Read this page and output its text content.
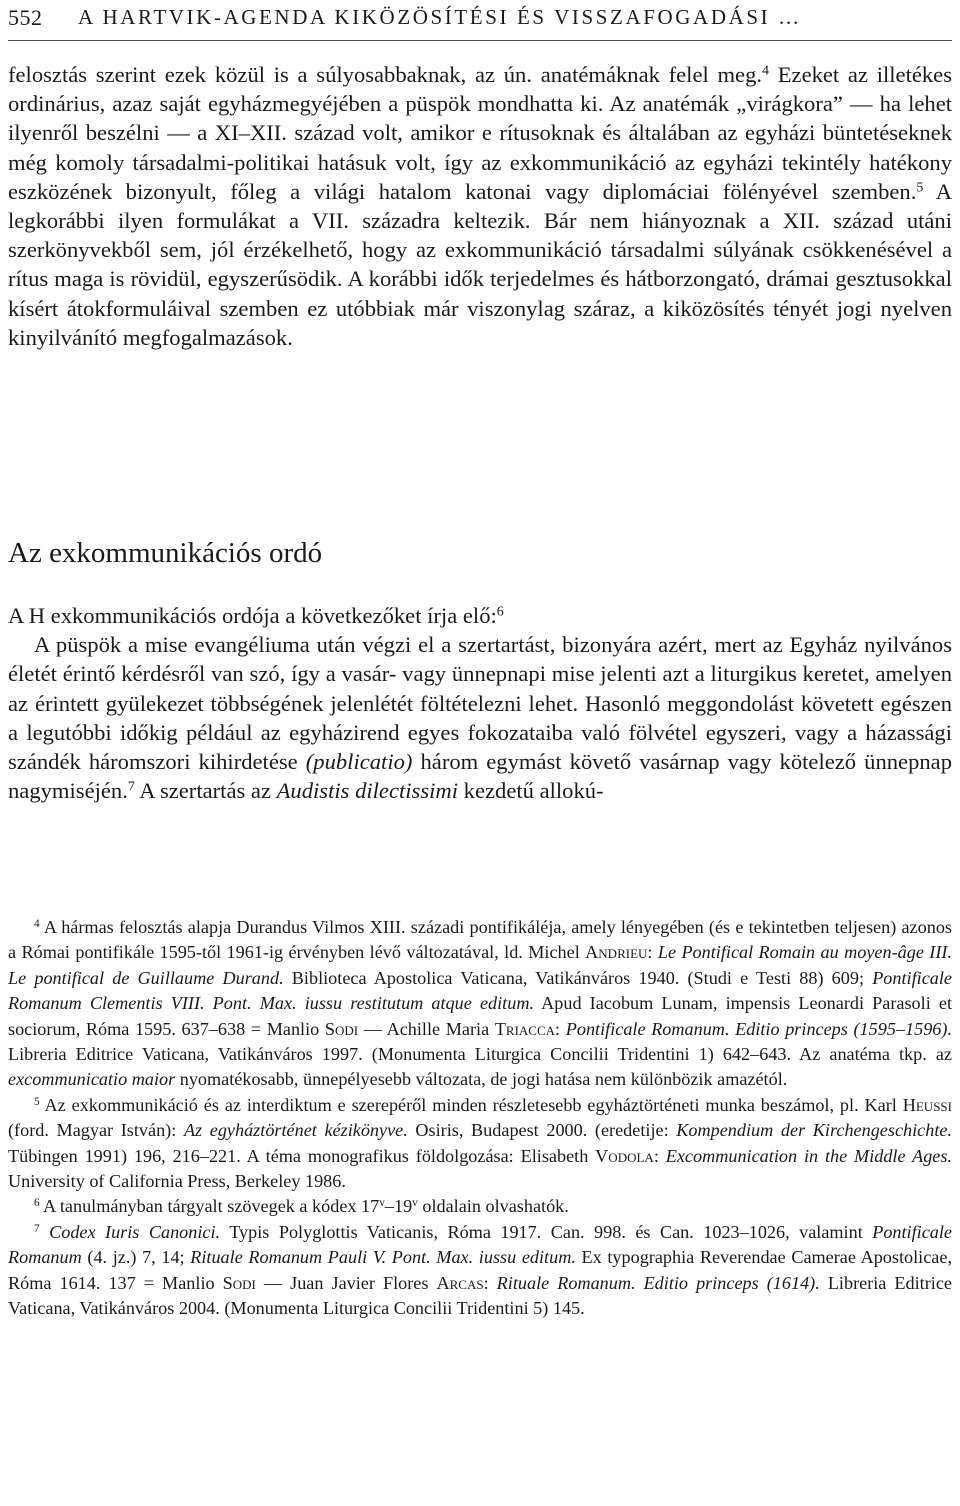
552 A HARTVIK-AGENDA KIKÖZÖSÍTÉSI ÉS VISSZAFOGADÁSI …

felosztás szerint ezek közül is a súlyosabbaknak, az ún. anatémáknak felel meg.$^4$ Ezeket az illetékes ordinárius, azaz saját egyházmegyéjében a püspök mondhatta ki. Az anatémák „virágkora” — ha lehet ilyenről beszélni — a XI–XII. század volt, amikor e rítusoknak és általában az egyházi büntetéseknek még komoly társadalmi-politikai hatásuk volt, így az exkommunikáció az egyházi tekintély hatékony eszközének bizonyult, főleg a világi hatalom katonai vagy diplomáciai fölényével szemben.$^5$ A legkorábbi ilyen formulákat a VII. századra keltezik. Bár nem hiányoznak a XII. század utáni szerkönyvekből sem, jól érzékelhető, hogy az exkommunikáció társadalmi súlyának csökkenésével a rítus maga is rövidül, egyszerűsödik. A korábbi idők terjedelmes és hátborzongató, drámai gesztusokkal kísért átokformuláival szemben ez utóbbiak már viszonylag száraz, a kiközösítés tényét jogi nyelven kinyilvánító megfogalmazások.

Az exkommunikációs ordó

A H exkommunikációs ordója a következőket írja elő:$^6$

A püspök a mise evangéliuma után végzi el a szertartást, bizonyára azért, mert az Egyház nyilvános életét érintő kérdésről van szó, így a vasár- vagy ünnepnapi mise jelenti azt a liturgikus keretet, amelyen az érintett gyülekezet többségének jelenlétét föltételezni lehet. Hasonló meggondolást követett egészen a legutóbbi időkig például az egyházirend egyes fokozataiba való fölvétel egyszeri, vagy a házassági szándék háromszori kihirdetése (publicatio) három egymást követő vasárnap vagy kötelező ünnepnap nagymiséjén.$^7$ A szertartás az Audistis dilectissimi kezdetű allokú-

$^4$ A hármas felosztás alapja Durandus Vilmos XIII. századi pontifikáléja, amely lényegében (és e tekintetben teljesen) azonos a Római pontifikále 1595-től 1961-ig érvényben lévő változatával, ld. Michel Andrieu: Le Pontifical Romain au moyen-âge III. Le pontifical de Guillaume Durand. Biblioteca Apostolica Vaticana, Vatikánváros 1940. (Studi e Testi 88) 609; Pontificale Romanum Clementis VIII. Pont. Max. iussu restitutum atque editum. Apud Iacobum Lunam, impensis Leonardi Parasoli et sociorum, Róma 1595. 637–638 = Manlio Sodi — Achille Maria Triacca: Pontificale Romanum. Editio princeps (1595–1596). Libreria Editrice Vaticana, Vatikánváros 1997. (Monumenta Liturgica Concilii Tridentini 1) 642–643. Az anatéma tkp. az excommunicatio maior nyomatékosabb, ünnepélyesebb változata, de jogi hatása nem különbözik amazétól.

$^5$ Az exkommunikáció és az interdiktum e szerepéről minden részletesebb egyháztörténeti munka beszámol, pl. Karl Heussi (ford. Magyar István): Az egyháztörténet kézikönyve. Osiris, Budapest 2000. (eredetije: Kompendium der Kirchengeschichte. Tübingen 1991) 196, 216–221. A téma monografikus földolgozása: Elisabeth Vodola: Excommunication in the Middle Ages. University of California Press, Berkeley 1986.

$^6$ A tanulmányban tárgyalt szövegek a kódex 17$^v$–19$^v$ oldalain olvashatók.

$^7$ Codex Iuris Canonici. Typis Polyglottis Vaticanis, Róma 1917. Can. 998. és Can. 1023–1026, valamint Pontificale Romanum (4. jz.) 7, 14; Rituale Romanum Pauli V. Pont. Max. iussu editum. Ex typographia Reverendae Camerae Apostolicae, Róma 1614. 137 = Manlio Sodi — Juan Javier Flores Arcas: Rituale Romanum. Editio princeps (1614). Libreria Editrice Vaticana, Vatikánváros 2004. (Monumenta Liturgica Concilii Tridentini 5) 145.
